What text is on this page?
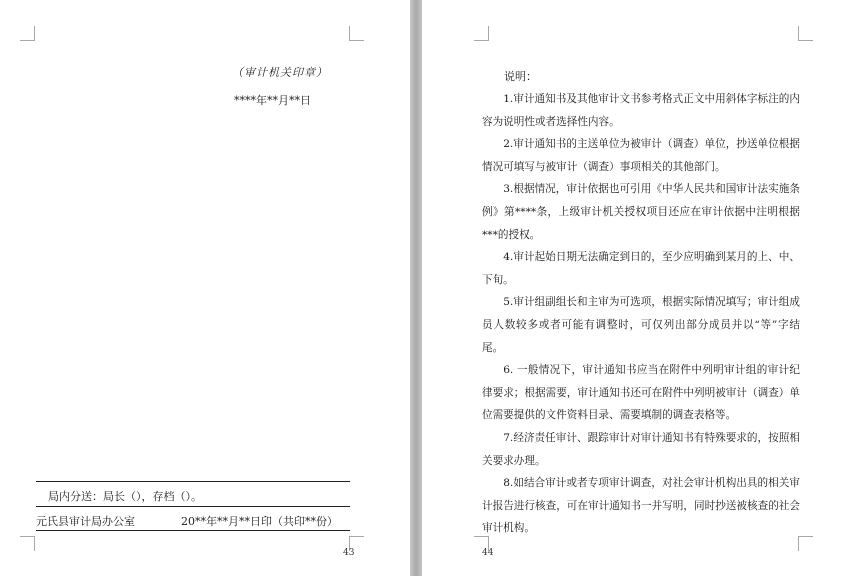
（审计机关印章）
****年**月**日
局内分送：局长（），存档（）。
元氏县审计局办公室	20**年**月**日印（共印**份）
43	44
说明：

1.审计通知书及其他审计文书参考格式正文中用斜体字标注的内容为说明性或者选择性内容。

2.审计通知书的主送单位为被审计（调查）单位，抄送单位根据情况可填写与被审计（调查）事项相关的其他部门。

3.根据情况，审计依据也可引用《中华人民共和国审计法实施条例》第****条，上级审计机关授权项目还应在审计依据中注明根据***的授权。

4.审计起始日期无法确定到日的，至少应明确到某月的上、中、下旬。

5.审计组副组长和主审为可选项，根据实际情况填写；审计组成员人数较多或者可能有调整时，可仅列出部分成员并以“等”字结尾。

6. 一般情况下，审计通知书应当在附件中列明审计组的审计纪律要求；根据需要，审计通知书还可在附件中列明被审计（调查）单位需要提供的文件资料目录、需要填制的调查表格等。

7.经济责任审计、跟踪审计对审计通知书有特殊要求的，按照相关要求办理。

8.如结合审计或者专项审计调查，对社会审计机构出具的相关审计报告进行核查，可在审计通知书一并写明，同时抄送被核查的社会审计机构。
